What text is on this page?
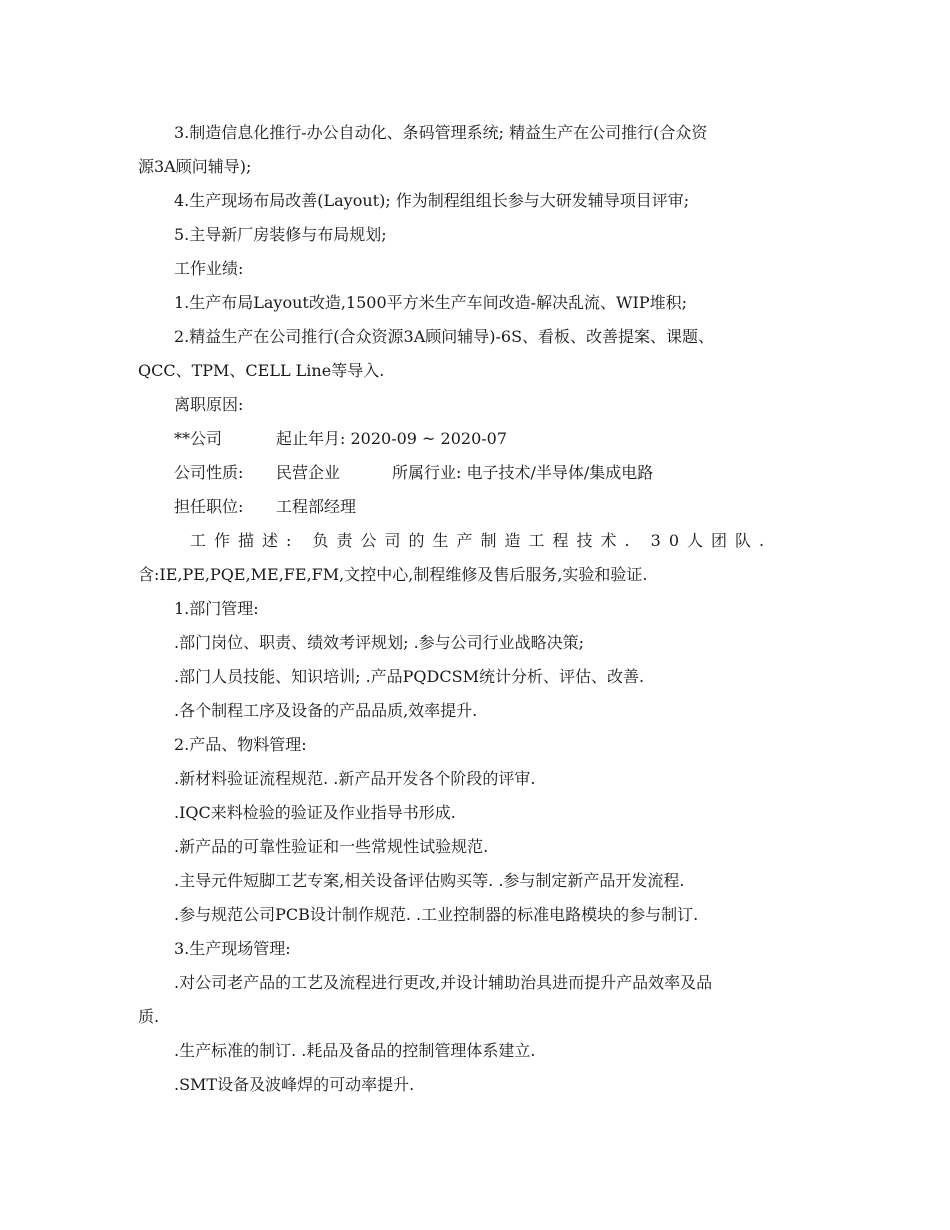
3.制造信息化推行-办公自动化、条码管理系统; 精益生产在公司推行(合众资
源3A顾问辅导);
4.生产现场布局改善(Layout); 作为制程组组长参与大研发辅导项目评审;
5.主导新厂房装修与布局规划;
工作业绩:
1.生产布局Layout改造,1500平方米生产车间改造-解决乱流、WIP堆积;
2.精益生产在公司推行(合众资源3A顾问辅导)-6S、看板、改善提案、课题、
QCC、TPM、CELL Line等导入.
离职原因:
**公司	起止年月: 2020-09 ~ 2020-07
公司性质: 民营企业	所属行业: 电子技术/半导体/集成电路
担任职位: 工程部经理
工作描述: 负责公司的生产制造工程技术. 30人团队.
含:IE,PE,PQE,ME,FE,FM,文控中心,制程维修及售后服务,实验和验证.
1.部门管理:
.部门岗位、职责、绩效考评规划; .参与公司行业战略决策;
.部门人员技能、知识培训; .产品PQDCSM统计分析、评估、改善.
.各个制程工序及设备的产品品质,效率提升.
2.产品、物料管理:
.新材料验证流程规范. .新产品开发各个阶段的评审.
.IQC来料检验的验证及作业指导书形成.
.新产品的可靠性验证和一些常规性试验规范.
.主导元件短脚工艺专案,相关设备评估购买等. .参与制定新产品开发流程.
.参与规范公司PCB设计制作规范. .工业控制器的标准电路模块的参与制订.
3.生产现场管理:
.对公司老产品的工艺及流程进行更改,并设计辅助治具进而提升产品效率及品
质.
.生产标准的制订. .耗品及备品的控制管理体系建立.
.SMT设备及波峰焊的可动率提升.
